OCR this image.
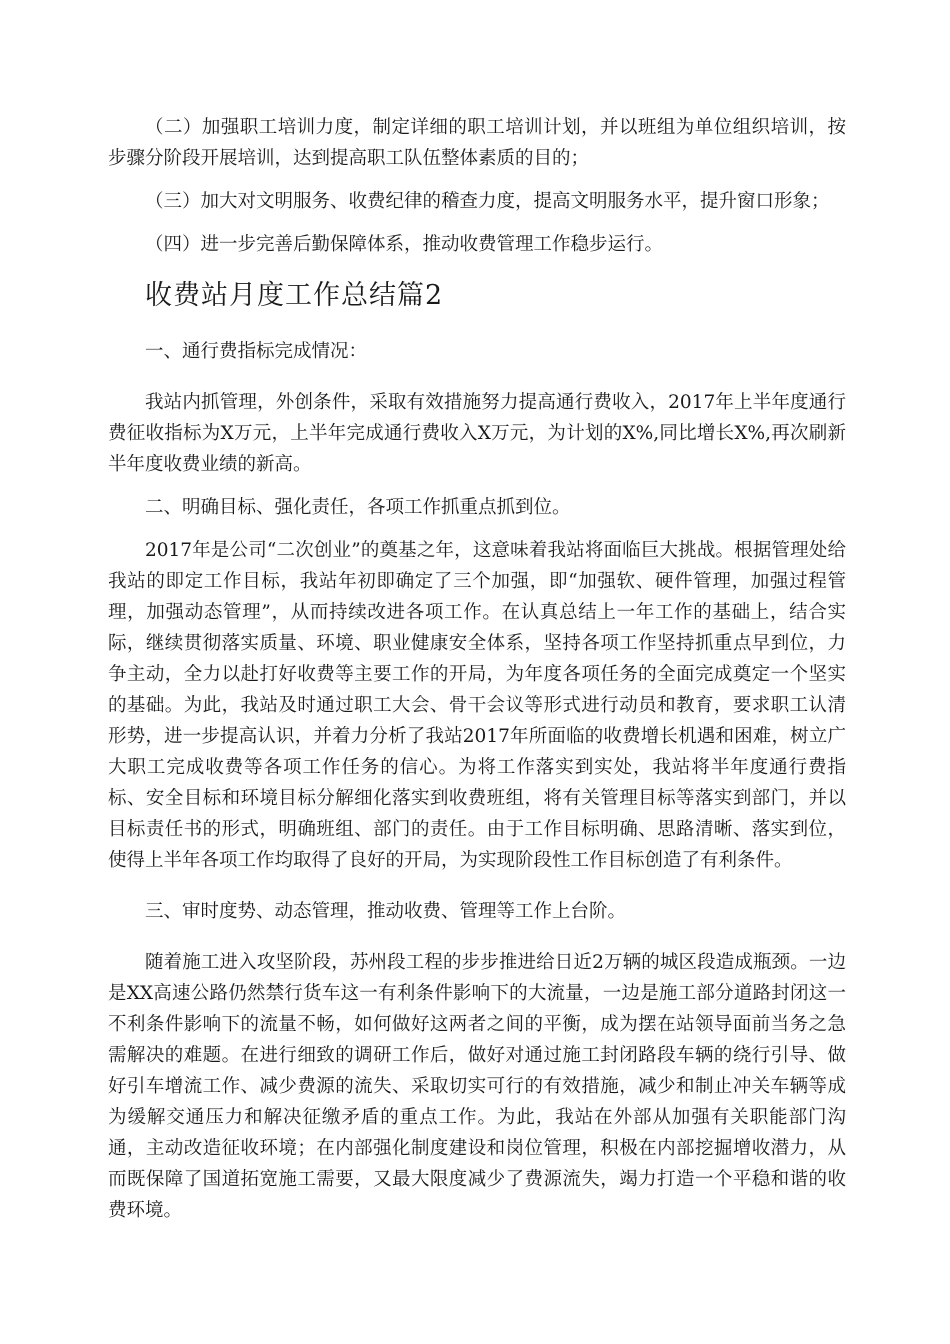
（二）加强职工培训力度，制定详细的职工培训计划，并以班组为单位组织培训，按步骤分阶段开展培训，达到提高职工队伍整体素质的目的；

（三）加大对文明服务、收费纪律的稽查力度，提高文明服务水平，提升窗口形象；

（四）进一步完善后勤保障体系，推动收费管理工作稳步运行。

收费站月度工作总结篇2

一、通行费指标完成情况：

我站内抓管理，外创条件，采取有效措施努力提高通行费收入，2017年上半年度通行费征收指标为X万元，上半年完成通行费收入X万元，为计划的X%,同比增长X%,再次刷新半年度收费业绩的新高。

二、明确目标、强化责任，各项工作抓重点抓到位。

2017年是公司“二次创业”的奠基之年，这意味着我站将面临巨大挑战。根据管理处给我站的即定工作目标，我站年初即确定了三个加强，即“加强软、硬件管理，加强过程管理，加强动态管理”，从而持续改进各项工作。在认真总结上一年工作的基础上，结合实际，继续贯彻落实质量、环境、职业健康安全体系，坚持各项工作坚持抓重点早到位，力争主动，全力以赴打好收费等主要工作的开局，为年度各项任务的全面完成奠定一个坚实的基础。为此，我站及时通过职工大会、骨干会议等形式进行动员和教育，要求职工认清形势，进一步提高认识，并着力分析了我站2017年所面临的收费增长机遇和困难，树立广大职工完成收费等各项工作任务的信心。为将工作落实到实处，我站将半年度通行费指标、安全目标和环境目标分解细化落实到收费班组，将有关管理目标等落实到部门，并以目标责任书的形式，明确班组、部门的责任。由于工作目标明确、思路清晰、落实到位，使得上半年各项工作均取得了良好的开局，为实现阶段性工作目标创造了有利条件。

三、审时度势、动态管理，推动收费、管理等工作上台阶。

随着施工进入攻坚阶段，苏州段工程的步步推进给日近2万辆的城区段造成瓶颈。一边是XX高速公路仍然禁行货车这一有利条件影响下的大流量，一边是施工部分道路封闭这一不利条件影响下的流量不畅，如何做好这两者之间的平衡，成为摆在站领导面前当务之急需解决的难题。在进行细致的调研工作后，做好对通过施工封闭路段车辆的绕行引导、做好引车增流工作、减少费源的流失、采取切实可行的有效措施，减少和制止冲关车辆等成为缓解交通压力和解决征缴矛盾的重点工作。为此，我站在外部从加强有关职能部门沟通，主动改造征收环境；在内部强化制度建设和岗位管理，积极在内部挖掘增收潜力，从而既保障了国道拓宽施工需要，又最大限度减少了费源流失，竭力打造一个平稳和谐的收费环境。
